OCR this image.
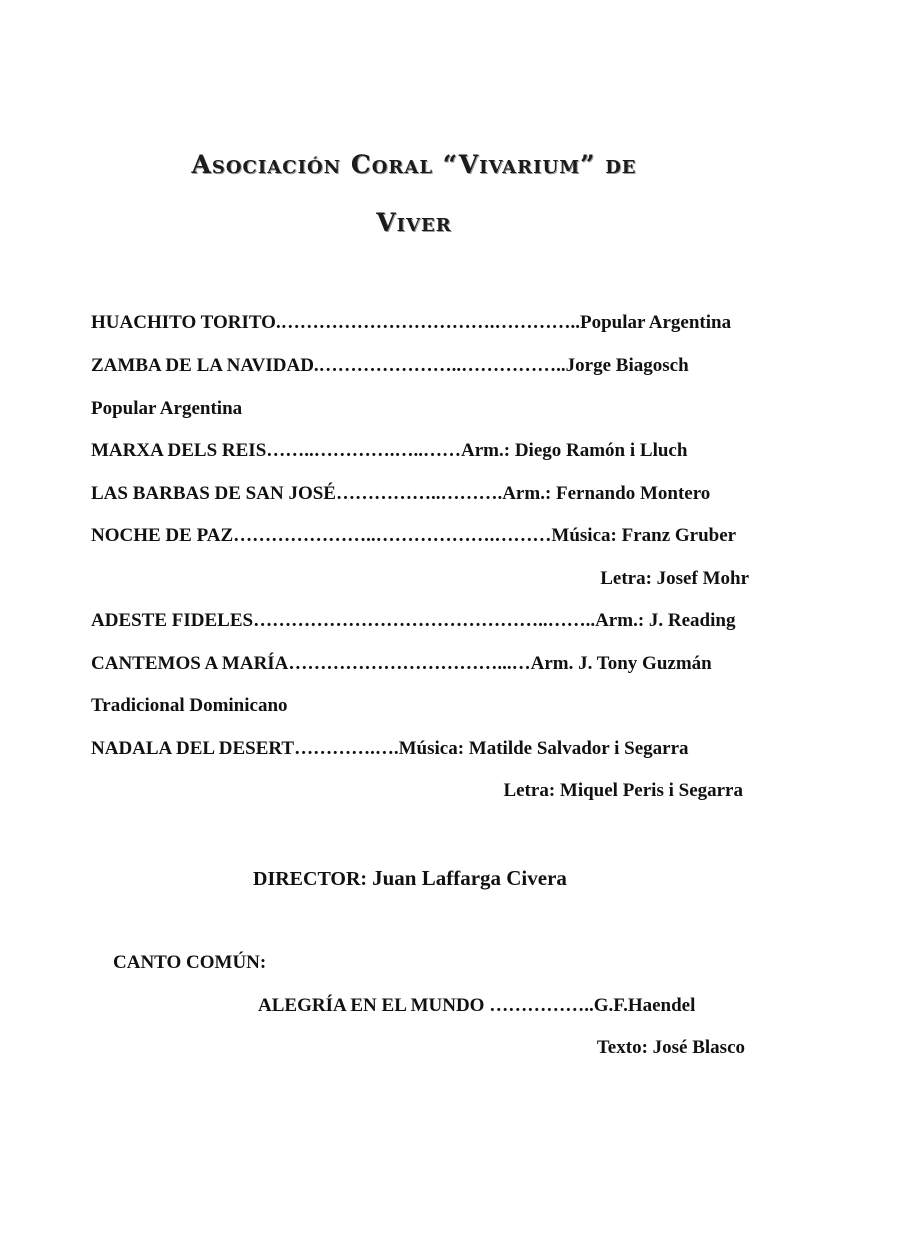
Asociación Coral “Vivarium” de
Viver
HUACHITO TORITO.…………………………….…………..Popular Argentina
ZAMBA DE LA NAVIDAD.…………………..……………..Jorge Biagosch
Popular Argentina
MARXA DELS REIS……..………….…..……Arm.: Diego Ramón i Lluch
LAS BARBAS DE SAN JOSÉ……………..……….Arm.: Fernando Montero
NOCHE DE PAZ…………………..……………….………Música: Franz Gruber
Letra: Josef Mohr
ADESTE FIDELES………………………………………..……..Arm.: J. Reading
CANTEMOS A MARÍA……………………………...…Arm. J. Tony Guzmán
Tradicional Dominicano
NADALA DEL DESERT………….….Música: Matilde Salvador i Segarra
Letra: Miquel Peris i Segarra
DIRECTOR: Juan Laffarga Civera
CANTO COMÚN:
ALEGRÍA EN EL MUNDO ……………..G.F.Haendel
Texto: José Blasco
